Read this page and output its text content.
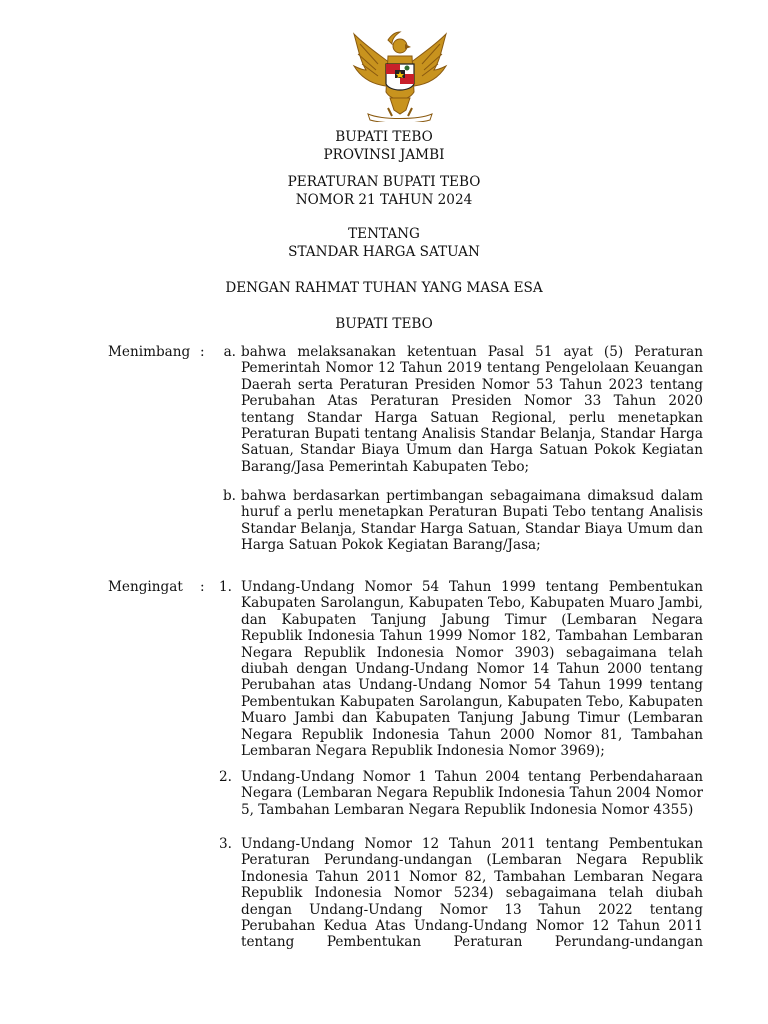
BUPATI TEBO
PROVINSI JAMBI
PERATURAN BUPATI TEBO
NOMOR 21 TAHUN 2024
TENTANG
STANDAR HARGA SATUAN
DENGAN RAHMAT TUHAN YANG MASA ESA
BUPATI TEBO
Menimbang :	a. bahwa melaksanakan ketentuan Pasal 51 ayat (5) Peraturan Pemerintah Nomor 12 Tahun 2019 tentang Pengelolaan Keuangan Daerah serta Peraturan Presiden Nomor 53 Tahun 2023 tentang Perubahan Atas Peraturan Presiden Nomor 33 Tahun 2020 tentang Standar Harga Satuan Regional, perlu menetapkan Peraturan Bupati tentang Analisis Standar Belanja, Standar Harga Satuan, Standar Biaya Umum dan Harga Satuan Pokok Kegiatan Barang/Jasa Pemerintah Kabupaten Tebo;
b. bahwa berdasarkan pertimbangan sebagaimana dimaksud dalam huruf a perlu menetapkan Peraturan Bupati Tebo tentang Analisis Standar Belanja, Standar Harga Satuan, Standar Biaya Umum dan Harga Satuan Pokok Kegiatan Barang/Jasa;
Mengingat :	1. Undang-Undang Nomor 54 Tahun 1999 tentang Pembentukan Kabupaten Sarolangun, Kabupaten Tebo, Kabupaten Muaro Jambi, dan Kabupaten Tanjung Jabung Timur (Lembaran Negara Republik Indonesia Tahun 1999 Nomor 182, Tambahan Lembaran Negara Republik Indonesia Nomor 3903) sebagaimana telah diubah dengan Undang-Undang Nomor 14 Tahun 2000 tentang Perubahan atas Undang-Undang Nomor 54 Tahun 1999 tentang Pembentukan Kabupaten Sarolangun, Kabupaten Tebo, Kabupaten Muaro Jambi dan Kabupaten Tanjung Jabung Timur (Lembaran Negara Republik Indonesia Tahun 2000 Nomor 81, Tambahan Lembaran Negara Republik Indonesia Nomor 3969);
2. Undang-Undang Nomor 1 Tahun 2004 tentang Perbendaharaan Negara (Lembaran Negara Republik Indonesia Tahun 2004 Nomor 5, Tambahan Lembaran Negara Republik Indonesia Nomor 4355)
3. Undang-Undang Nomor 12 Tahun 2011 tentang Pembentukan Peraturan Perundang-undangan (Lembaran Negara Republik Indonesia Tahun 2011 Nomor 82, Tambahan Lembaran Negara Republik Indonesia Nomor 5234) sebagaimana telah diubah dengan Undang-Undang Nomor 13 Tahun 2022 tentang Perubahan Kedua Atas Undang-Undang Nomor 12 Tahun 2011 tentang Pembentukan Peraturan Perundang-undangan
